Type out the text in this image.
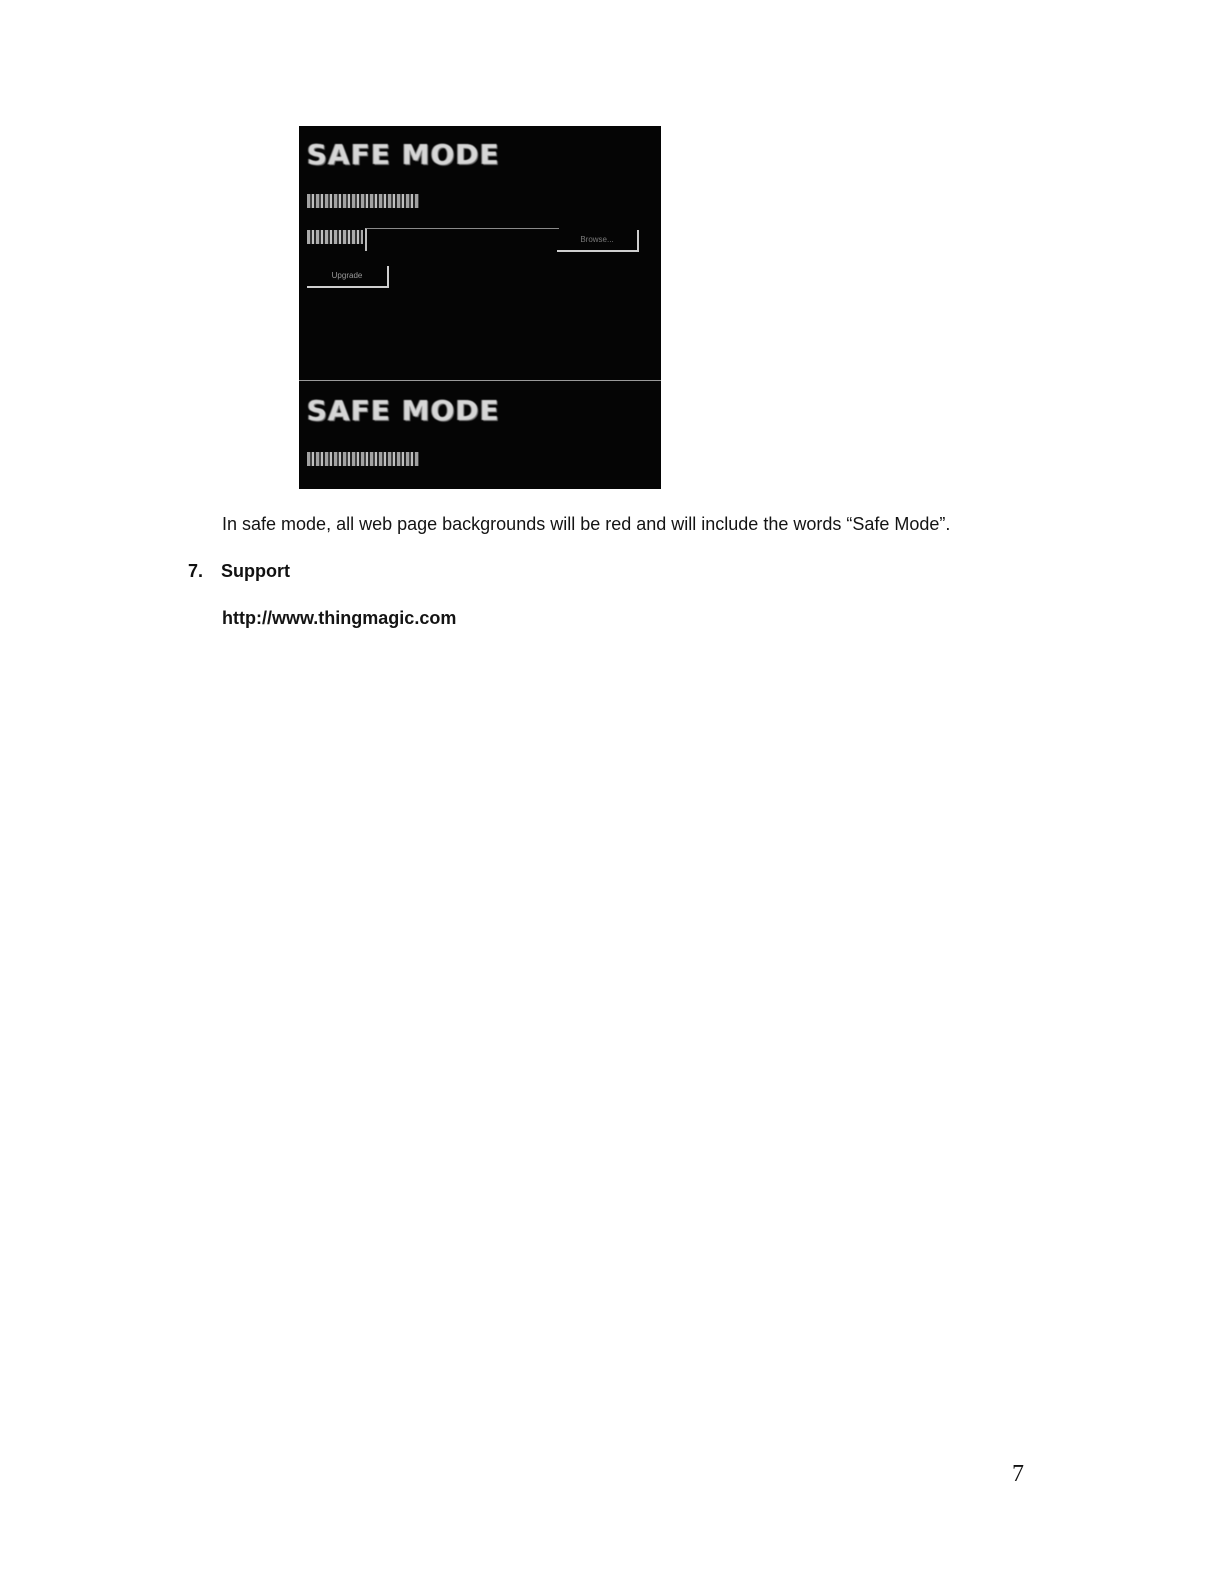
SAFE MODE
Browse...
Upgrade
SAFE MODE
In safe mode, all web page backgrounds will be red and will include the words “Safe Mode”.
7. Support
http://www.thingmagic.com
7
